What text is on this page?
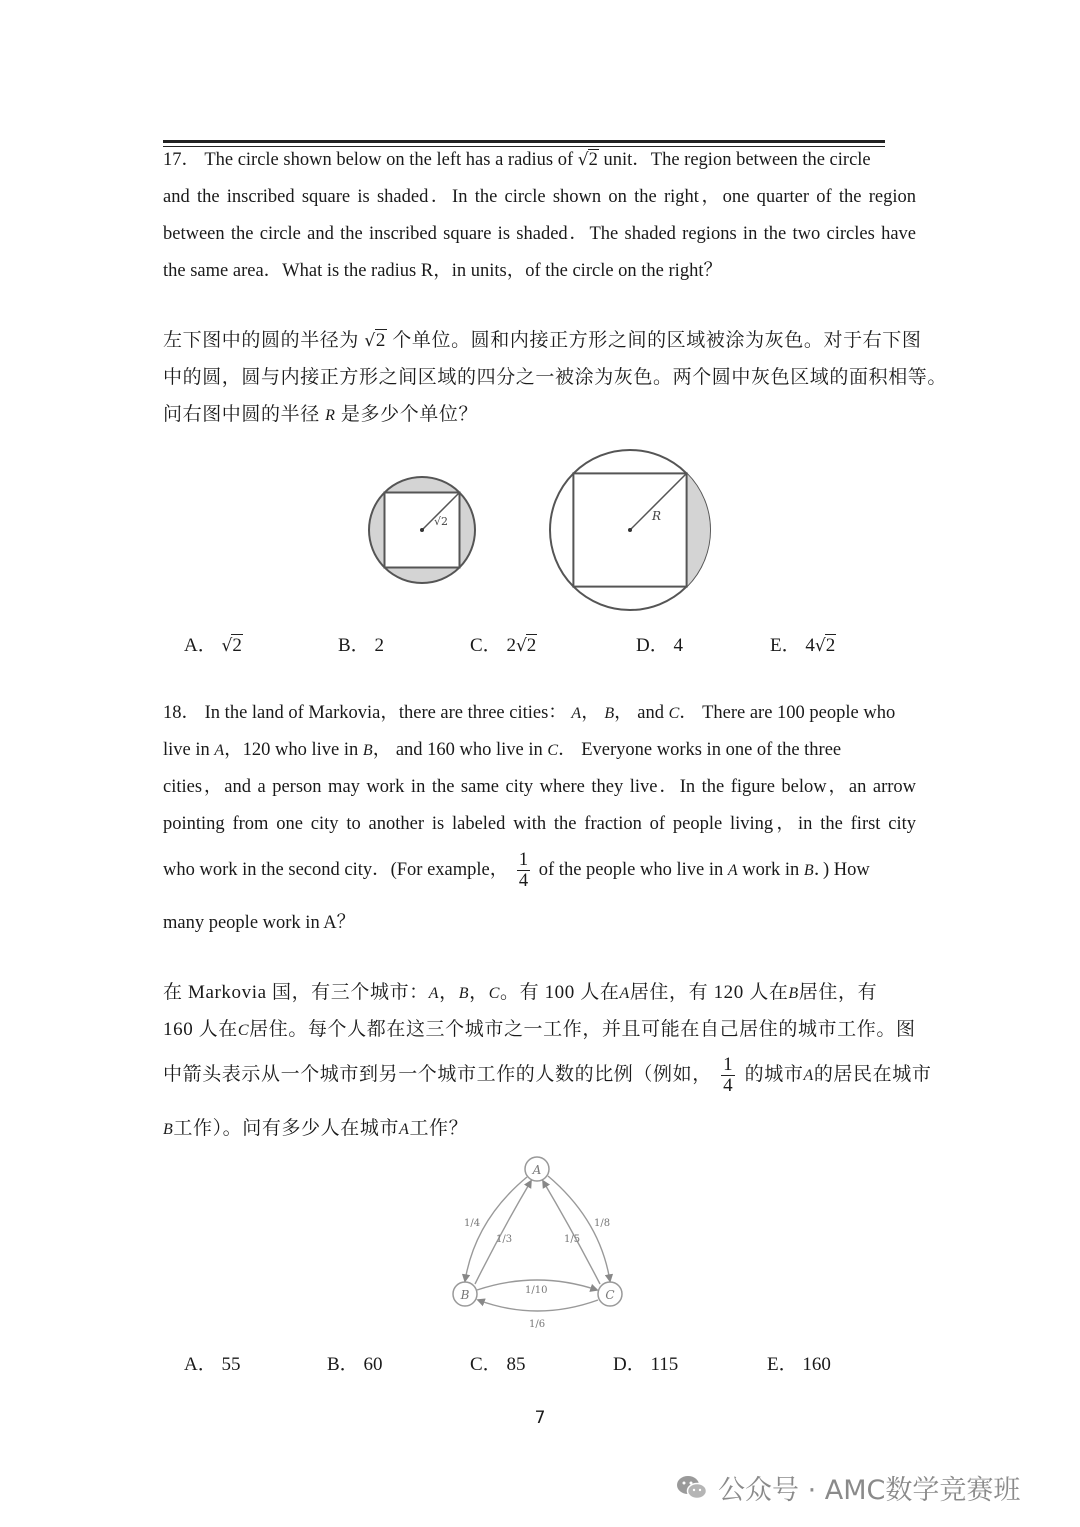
17． The circle shown below on the left has a radius of √2 unit．The region between the circle
and the inscribed square is shaded．In the circle shown on the right，one quarter of the region
between the circle and the inscribed square is shaded．The shaded regions in the two circles have
the same area．What is the radius R，in units，of the circle on the right？
左下图中的圆的半径为 √2 个单位。圆和内接正方形之间的区域被涂为灰色。对于右下图
中的圆，圆与内接正方形之间区域的四分之一被涂为灰色。两个圆中灰色区域的面积相等。
问右图中圆的半径 R 是多少个单位？
√2	R
A． √2	B． 2	C． 2√2	D． 4	E． 4√2
18． In the land of Markovia，there are three cities： A， B， and C． There are 100 people who
live in A，120 who live in B， and 160 who live in C． Everyone works in one of the three
cities，and a person may work in the same city where they live．In the figure below，an arrow
pointing from one city to another is labeled with the fraction of people living，in the first city
who work in the second city．(For example， $\frac{1}{4}$ of the people who live in A work in B．) How
many people work in A？
在 Markovia 国，有三个城市：A，B，C。有 100 人在A居住，有 120 人在B居住，有
160 人在C居住。每个人都在这三个城市之一工作，并且可能在自己居住的城市工作。图
中箭头表示从一个城市到另一个城市工作的人数的比例（例如， $\frac{1}{4}$ 的城市A的居民在城市
B工作）。问有多少人在城市A工作？
A
B	C
1/4
1/3	1/5
1/8
1/10
1/6
A． 55	B． 60	C． 85	D． 115	E． 160
7
公众号 · AMC数学竞赛班
